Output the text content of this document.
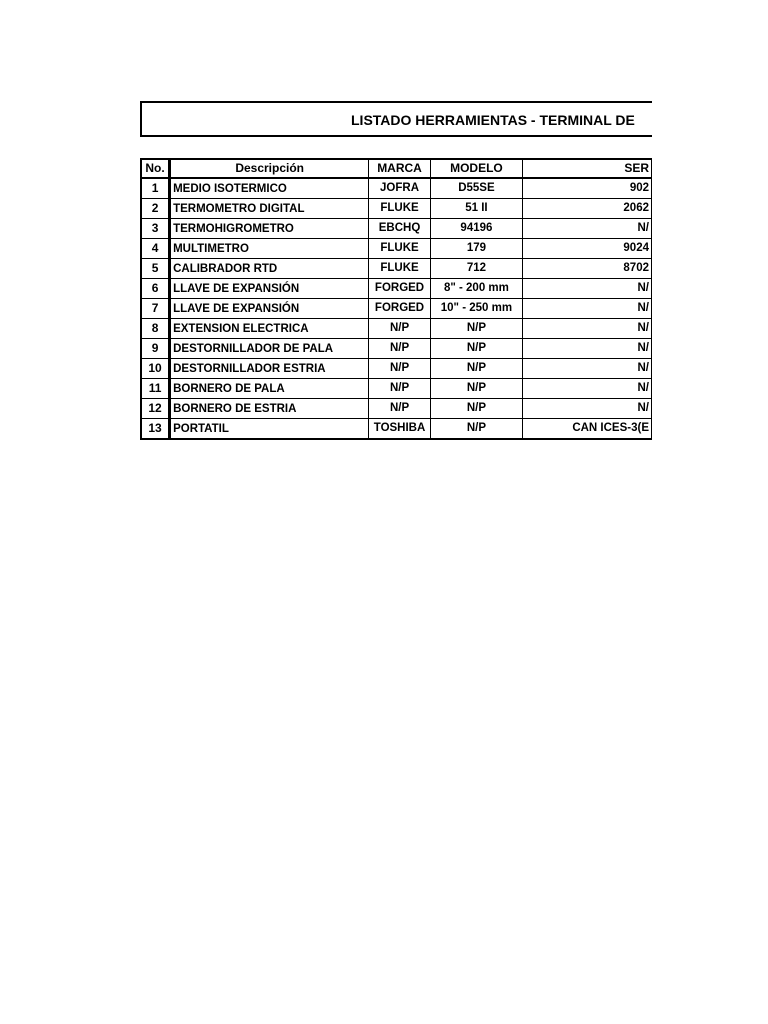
LISTADO HERRAMIENTAS - TERMINAL DE
No.	Descripción	MARCA	MODELO	SER
1	MEDIO ISOTERMICO	JOFRA	D55SE	902
2	TERMOMETRO DIGITAL	FLUKE	51 II	2062
3	TERMOHIGROMETRO	EBCHQ	94196	N/
4	MULTIMETRO	FLUKE	179	9024
5	CALIBRADOR RTD	FLUKE	712	8702
6	LLAVE DE EXPANSIÓN	FORGED	8" - 200 mm	N/
7	LLAVE DE EXPANSIÓN	FORGED	10" - 250 mm	N/
8	EXTENSION ELECTRICA	N/P	N/P	N/
9	DESTORNILLADOR DE PALA	N/P	N/P	N/
10	DESTORNILLADOR ESTRIA	N/P	N/P	N/
11	BORNERO DE PALA	N/P	N/P	N/
12	BORNERO DE ESTRIA	N/P	N/P	N/
13	PORTATIL	TOSHIBA	N/P	CAN ICES-3(E
